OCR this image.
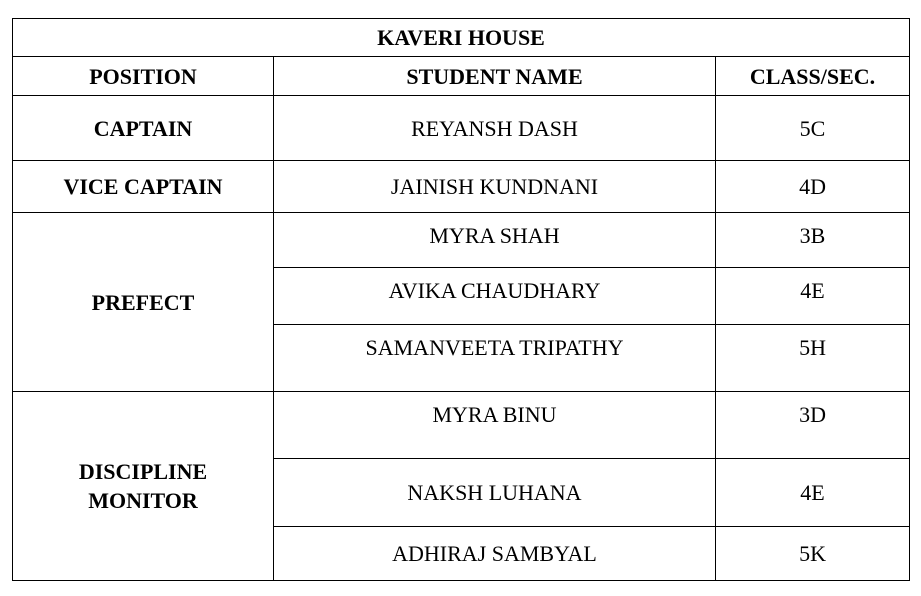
KAVERI HOUSE		
POSITION	STUDENT NAME	CLASS/SEC.
CAPTAIN	REYANSH DASH	5C
VICE CAPTAIN	JAINISH KUNDNANI	4D
PREFECT	MYRA SHAH	3B
	AVIKA CHAUDHARY	4E
	SAMANVEETA TRIPATHY	5H
DISCIPLINE
MONITOR	MYRA BINU	3D
	NAKSH LUHANA	4E
	ADHIRAJ SAMBYAL	5K
